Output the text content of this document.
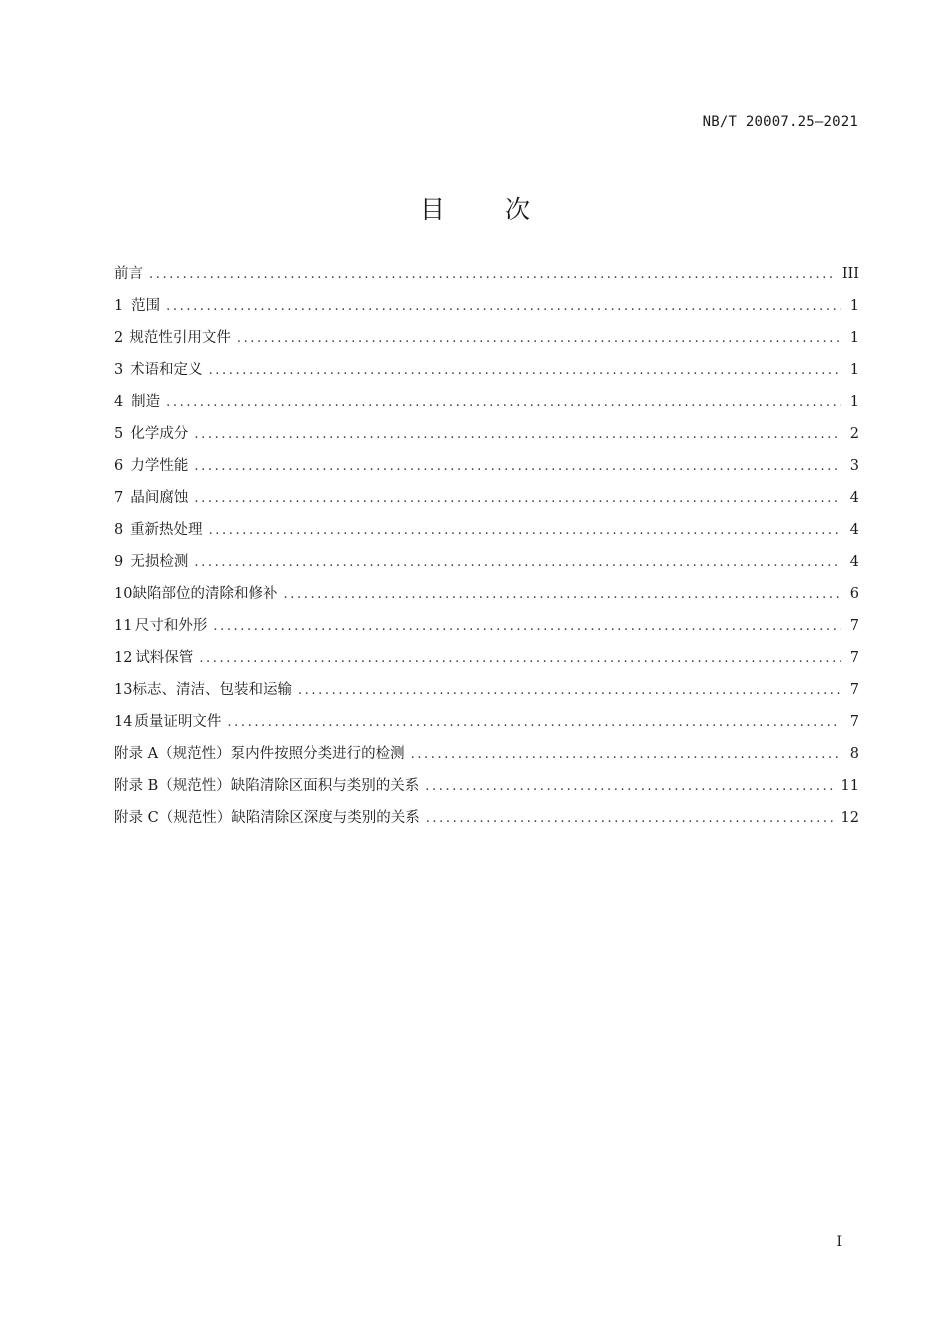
NB/T 20007.25—2021
目 次
前言 .....	III
1 范围 .....	1
2 规范性引用文件 .....	1
3 术语和定义 .....	1
4 制造 .....	1
5 化学成分 .....	2
6 力学性能 .....	3
7 晶间腐蚀 .....	4
8 重新热处理 .....	4
9 无损检测 .....	4
10 缺陷部位的清除和修补 .....	6
11 尺寸和外形 .....	7
12 试料保管 .....	7
13 标志、清洁、包装和运输 .....	7
14 质量证明文件 .....	7
附录 A（规范性） 泵内件按照分类进行的检测 .....	8
附录 B（规范性） 缺陷清除区面积与类别的关系 .....	11
附录 C（规范性） 缺陷清除区深度与类别的关系 .....	12
I
